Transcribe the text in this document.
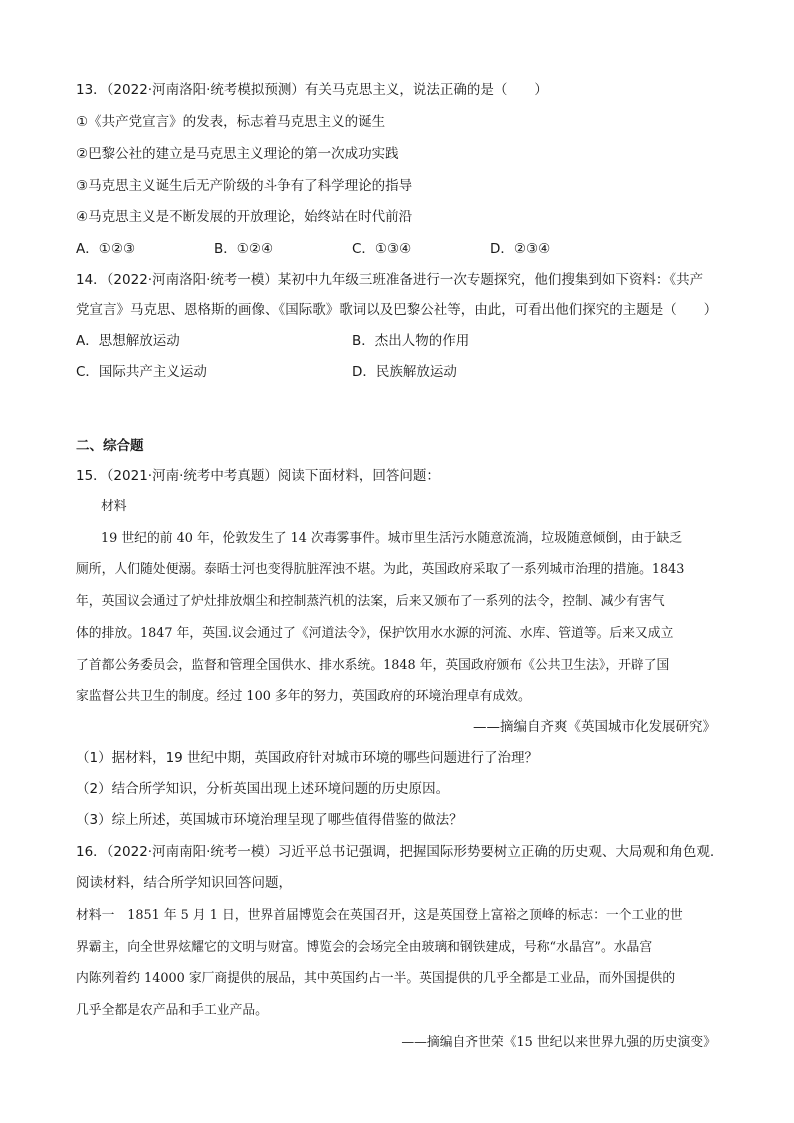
13．（2022·河南洛阳·统考模拟预测）有关马克思主义，说法正确的是（　　）
①《共产党宣言》的发表，标志着马克思主义的诞生
②巴黎公社的建立是马克思主义理论的第一次成功实践
③马克思主义诞生后无产阶级的斗争有了科学理论的指导
④马克思主义是不断发展的开放理论，始终站在时代前沿
A．①②③	B．①②④	C．①③④	D．②③④
14．（2022·河南洛阳·统考一模）某初中九年级三班准备进行一次专题探究，他们搜集到如下资料：《共产
党宣言》马克思、恩格斯的画像、《国际歌》歌词以及巴黎公社等，由此，可看出他们探究的主题是（　　）
A．思想解放运动	B．杰出人物的作用
C．国际共产主义运动	D．民族解放运动
二、综合题
15．（2021·河南·统考中考真题）阅读下面材料，回答问题：
材料
19 世纪的前 40 年，伦敦发生了 14 次毒雾事件。城市里生活污水随意流淌，垃圾随意倾倒，由于缺乏
厕所，人们随处便溺。泰晤士河也变得肮脏浑浊不堪。为此，英国政府采取了一系列城市治理的措施。1843
年，英国议会通过了炉灶排放烟尘和控制蒸汽机的法案，后来又颁布了一系列的法令，控制、减少有害气
体的排放。1847 年，英国.议会通过了《河道法令》，保护饮用水水源的河流、水库、管道等。后来又成立
了首都公务委员会，监督和管理全国供水、排水系统。1848 年，英国政府颁布《公共卫生法》，开辟了国
家监督公共卫生的制度。经过 100 多年的努力，英国政府的环境治理卓有成效。
——摘编自齐爽《英国城市化发展研究》
（1）据材料，19 世纪中期，英国政府针对城市环境的哪些问题进行了治理？
（2）结合所学知识，分析英国出现上述环境问题的历史原因。
（3）综上所述，英国城市环境治理呈现了哪些值得借鉴的做法？
16．（2022·河南南阳·统考一模）习近平总书记强调，把握国际形势要树立正确的历史观、大局观和角色观.
阅读材料，结合所学知识回答问题，
材料一　1851 年 5 月 1 日，世界首届博览会在英国召开，这是英国登上富裕之顶峰的标志：一个工业的世
界霸主，向全世界炫耀它的文明与财富。博览会的会场完全由玻璃和钢铁建成，号称“水晶宫”。水晶宫
内陈列着约 14000 家厂商提供的展品，其中英国约占一半。英国提供的几乎全都是工业品，而外国提供的
几乎全都是农产品和手工业产品。
——摘编自齐世荣《15 世纪以来世界九强的历史演变》
